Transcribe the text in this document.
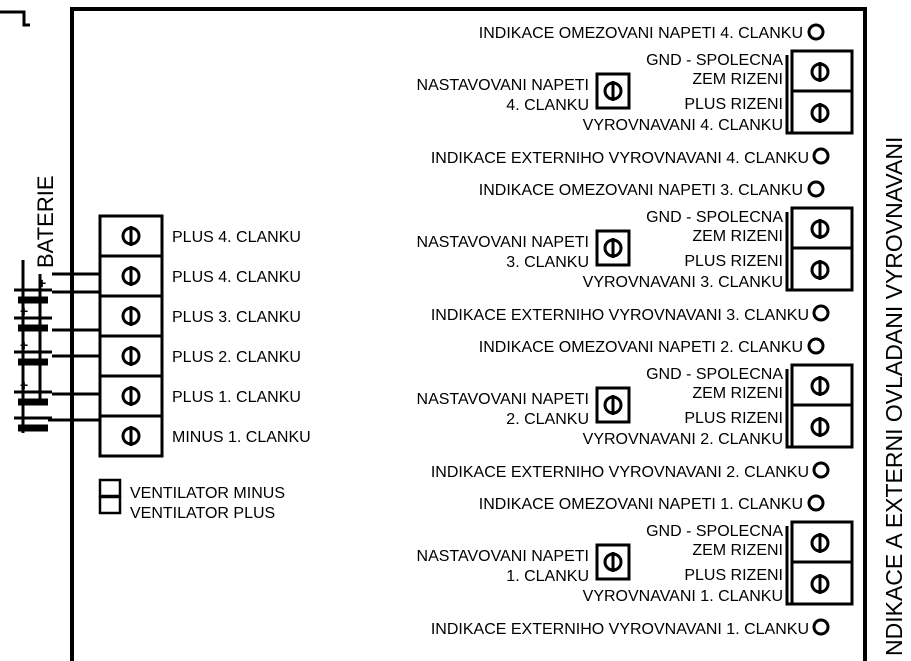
BATERIE
+
+
+
+
PLUS 4. CLANKU
PLUS 4. CLANKU
PLUS 3. CLANKU
PLUS 2. CLANKU
PLUS 1. CLANKU
MINUS 1. CLANKU
VENTILATOR MINUS
VENTILATOR PLUS
INDIKACE OMEZOVANI NAPETI 4. CLANKU
NASTAVOVANI NAPETI
4. CLANKU
GND - SPOLECNA
ZEM RIZENI
PLUS RIZENI
VYROVNAVANI 4. CLANKU
INDIKACE EXTERNIHO VYROVNAVANI 4. CLANKU
INDIKACE OMEZOVANI NAPETI 3. CLANKU
NASTAVOVANI NAPETI
3. CLANKU
GND - SPOLECNA
ZEM RIZENI
PLUS RIZENI
VYROVNAVANI 3. CLANKU
INDIKACE EXTERNIHO VYROVNAVANI 3. CLANKU
INDIKACE OMEZOVANI NAPETI 2. CLANKU
NASTAVOVANI NAPETI
2. CLANKU
GND - SPOLECNA
ZEM RIZENI
PLUS RIZENI
VYROVNAVANI 2. CLANKU
INDIKACE EXTERNIHO VYROVNAVANI 2. CLANKU
INDIKACE OMEZOVANI NAPETI 1. CLANKU
NASTAVOVANI NAPETI
1. CLANKU
GND - SPOLECNA
ZEM RIZENI
PLUS RIZENI
VYROVNAVANI 1. CLANKU
INDIKACE EXTERNIHO VYROVNAVANI 1. CLANKU	NDIKACE A EXTERNI OVLADANI VYROVNAVANI
